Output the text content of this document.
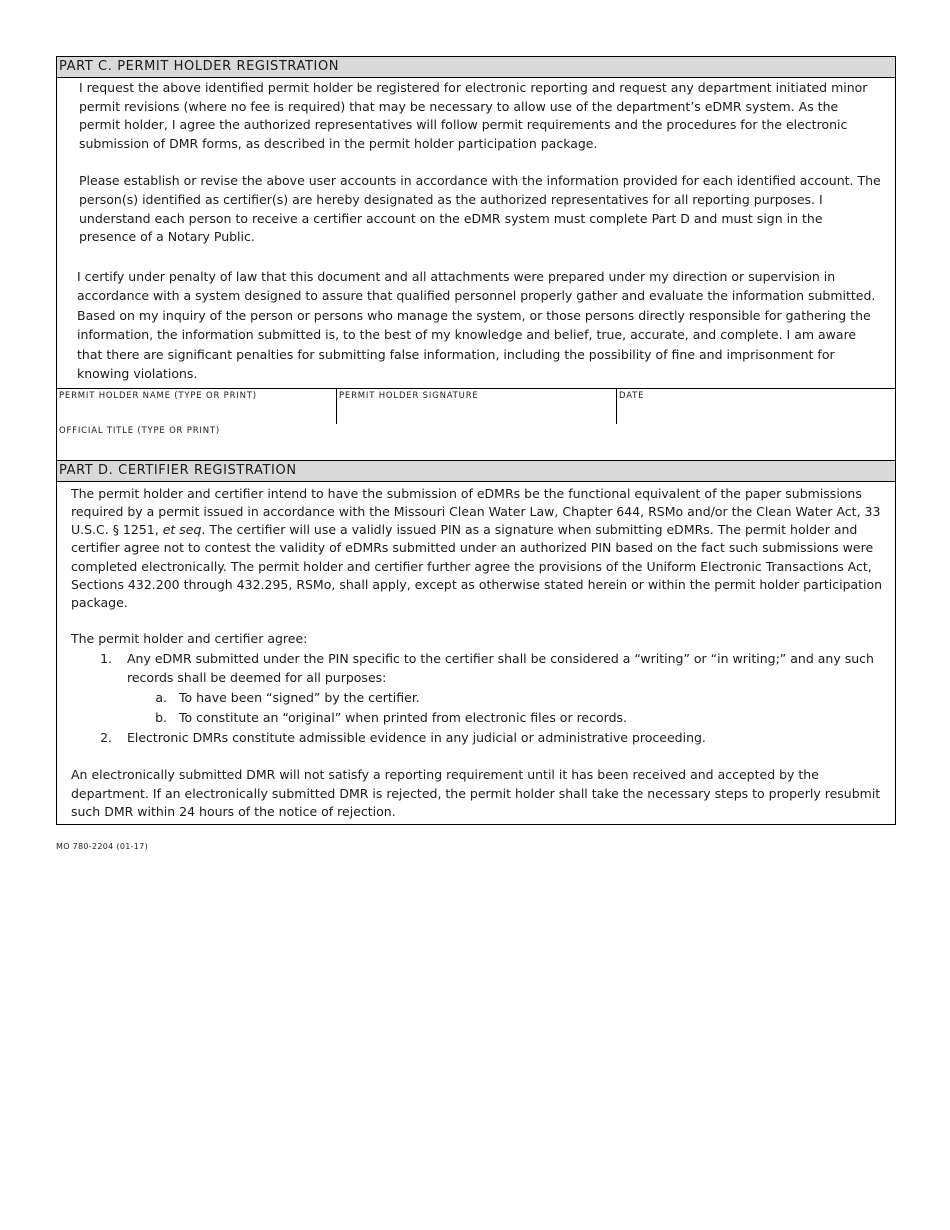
PART C. PERMIT HOLDER REGISTRATION

I request the above identified permit holder be registered for electronic reporting and request any department initiated minor permit revisions (where no fee is required) that may be necessary to allow use of the department’s eDMR system. As the permit holder, I agree the authorized representatives will follow permit requirements and the procedures for the electronic submission of DMR forms, as described in the permit holder participation package.

Please establish or revise the above user accounts in accordance with the information provided for each identified account. The person(s) identified as certifier(s) are hereby designated as the authorized representatives for all reporting purposes. I understand each person to receive a certifier account on the eDMR system must complete Part D and must sign in the presence of a Notary Public.

I certify under penalty of law that this document and all attachments were prepared under my direction or supervision in accordance with a system designed to assure that qualified personnel properly gather and evaluate the information submitted. Based on my inquiry of the person or persons who manage the system, or those persons directly responsible for gathering the information, the information submitted is, to the best of my knowledge and belief, true, accurate, and complete. I am aware that there are significant penalties for submitting false information, including the possibility of fine and imprisonment for knowing violations.

PERMIT HOLDER NAME (TYPE OR PRINT)	PERMIT HOLDER SIGNATURE	DATE
OFFICIAL TITLE (TYPE OR PRINT)
PART D. CERTIFIER REGISTRATION

The permit holder and certifier intend to have the submission of eDMRs be the functional equivalent of the paper submissions required by a permit issued in accordance with the Missouri Clean Water Law, Chapter 644, RSMo and/or the Clean Water Act, 33 U.S.C. § 1251, et seq. The certifier will use a validly issued PIN as a signature when submitting eDMRs. The permit holder and certifier agree not to contest the validity of eDMRs submitted under an authorized PIN based on the fact such submissions were completed electronically. The permit holder and certifier further agree the provisions of the Uniform Electronic Transactions Act, Sections 432.200 through 432.295, RSMo, shall apply, except as otherwise stated herein or within the permit holder participation package.

The permit holder and certifier agree:

1.	Any eDMR submitted under the PIN specific to the certifier shall be considered a “writing” or “in writing;” and any such records shall be deemed for all purposes:
a. To have been “signed” by the certifier.
b. To constitute an “original” when printed from electronic files or records.
2.	Electronic DMRs constitute admissible evidence in any judicial or administrative proceeding.

An electronically submitted DMR will not satisfy a reporting requirement until it has been received and accepted by the department. If an electronically submitted DMR is rejected, the permit holder shall take the necessary steps to properly resubmit such DMR within 24 hours of the notice of rejection.

MO 780-2204 (01-17)
